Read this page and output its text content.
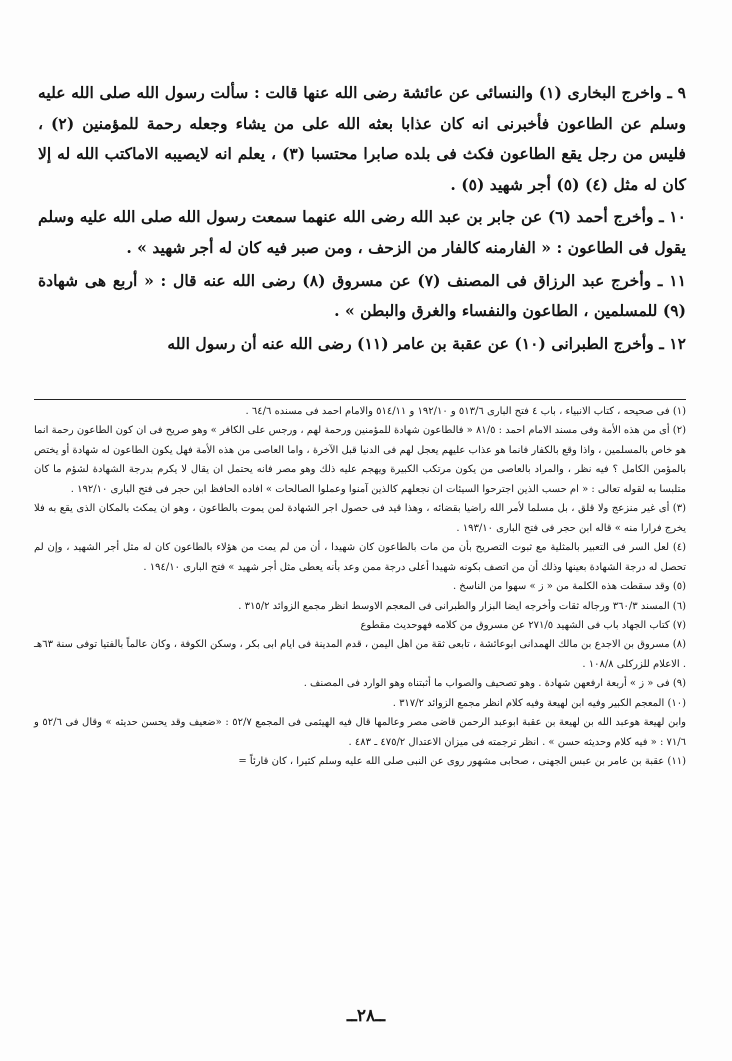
٩ ـ واخرج البخارى (١) والنسائى عن عائشة رضى الله عنها قالت : سألت رسول الله صلى الله عليه وسلم عن الطاعون فأخبرنى انه كان عذابا بعثه الله على من يشاء وجعله رحمة للمؤمنين (٢) ، فليس من رجل يقع الطاعون فكث فى بلده صابرا محتسبا (٣) ، يعلم انه لايصيبه الاماكتب الله له إلا كان له مثل (٤) (٥) أجر شهيد (٥) .

١٠ ـ وأخرج أحمد (٦) عن جابر بن عبد الله رضى الله عنهما سمعت رسول الله صلى الله عليه وسلم يقول فى الطاعون : « الفارمنه كالفار من الزحف ، ومن صبر فيه كان له أجر شهيد » .

١١ ـ وأخرج عبد الرزاق فى المصنف (٧) عن مسروق (٨) رضى الله عنه قال : « أربع هى شهادة (٩) للمسلمين ، الطاعون والنفساء والغرق والبطن » .

١٢ ـ وأخرج الطبرانى (١٠) عن عقبة بن عامر (١١) رضى الله عنه أن رسول الله

(١) فى صحيحه ، كتاب الانبياء ، باب ٤ فتح البارى ٥١٣/٦ و ١٩٢/١٠ و ٥١٤/١١ والامام احمد فى مسنده ٦٤/٦ .

(٢) أى من هذه الأمة وفى مسند الامام احمد : ٨١/٥ « فالطاعون شهادة للمؤمنين ورحمة لهم ، ورجس على الكافر » وهو صريح فى ان كون الطاعون رحمة انما هو خاص بالمسلمين ، واذا وقع بالكفار فانما هو عذاب عليهم يعجل لهم فى الدنيا قبل الآخرة ، واما العاصى من هذه الأمة فهل يكون الطاعون له شهادة أو يختص بالمؤمن الكامل ؟ فيه نظر ، والمراد بالعاصى من يكون مرتكب الكبيرة ويهجم عليه ذلك وهو مصر فانه يحتمل ان يقال لا يكرم بدرجة الشهادة لشؤم ما كان متلبسا به لقوله تعالى : « ام حسب الذين اجترحوا السيئات ان نجعلهم كالذين آمنوا وعملوا الصالحات » افاده الحافظ ابن حجر فى فتح البارى ١٩٢/١٠ .

(٣) أى غير منزعج ولا قلق ، بل مسلما لأمر الله راضيا بقضائه ، وهذا قيد فى حصول اجر الشهادة لمن يموت بالطاعون ، وهو ان يمكث بالمكان الذى يقع به فلا يخرج فرارا منه » قاله ابن حجر فى فتح البارى ١٩٣/١٠ .

(٤) لعل السر فى التعبير بالمثلية مع ثبوت التصريح بأن من مات بالطاعون كان شهيدا ، أن من لم يمت من هؤلاء بالطاعون كان له مثل أجر الشهيد ، وإن لم تحصل له درجة الشهادة بعينها وذلك أن من اتصف بكونه شهيدا أعلى درجة ممن وعد بأنه يعطى مثل أجر شهيد » فتح البارى ١٩٤/١٠ .

(٥) وقد سقطت هذه الكلمة من « ز » سهوا من الناسخ .

(٦) المسند ٣٦٠/٣ ورجاله ثقات وأخرجه ايضا البزار والطبرانى فى المعجم الاوسط انظر مجمع الزوائد ٣١٥/٢ .

(٧) كتاب الجهاد باب فى الشهيد ٢٧١/٥ عن مسروق من كلامه فهوحديث مقطوع

(٨) مسروق بن الاجدع بن مالك الهمدانى ابوعائشة ، تابعى ثقة من اهل اليمن ، قدم المدينة فى ايام ابى بكر ، وسكن الكوفة ، وكان عالماً بالفتيا توفى سنة ٦٣هـ . الاعلام للزركلى ١٠٨/٨ .

(٩) فى « ز » أربعة ارفعهن شهادة . وهو تصحيف والصواب ما أثبتناه وهو الوارد فى المصنف .

(١٠) المعجم الكبير وفيه ابن لهيعة وفيه كلام انظر مجمع الزوائد ٣١٧/٢ .

وابن لهيعة هوعبد الله بن لهيعة بن عقبة ابوعبد الرحمن قاضى مصر وعالمها قال فيه الهيثمى فى المجمع ٥٢/٧ : «ضعيف وقد يحسن حديثه » وقال فى ٥٢/٦ و ٧١/٦ : « فيه كلام وحديثه حسن » . انظر ترجمته فى ميزان الاعتدال ٤٧٥/٢ ـ ٤٨٣ .

(١١) عقبة بن عامر بن عبس الجهنى ، صحابى مشهور روى عن النبى صلى الله عليه وسلم كثيرا ، كان قارئاً =

ــ٢٨ــ
